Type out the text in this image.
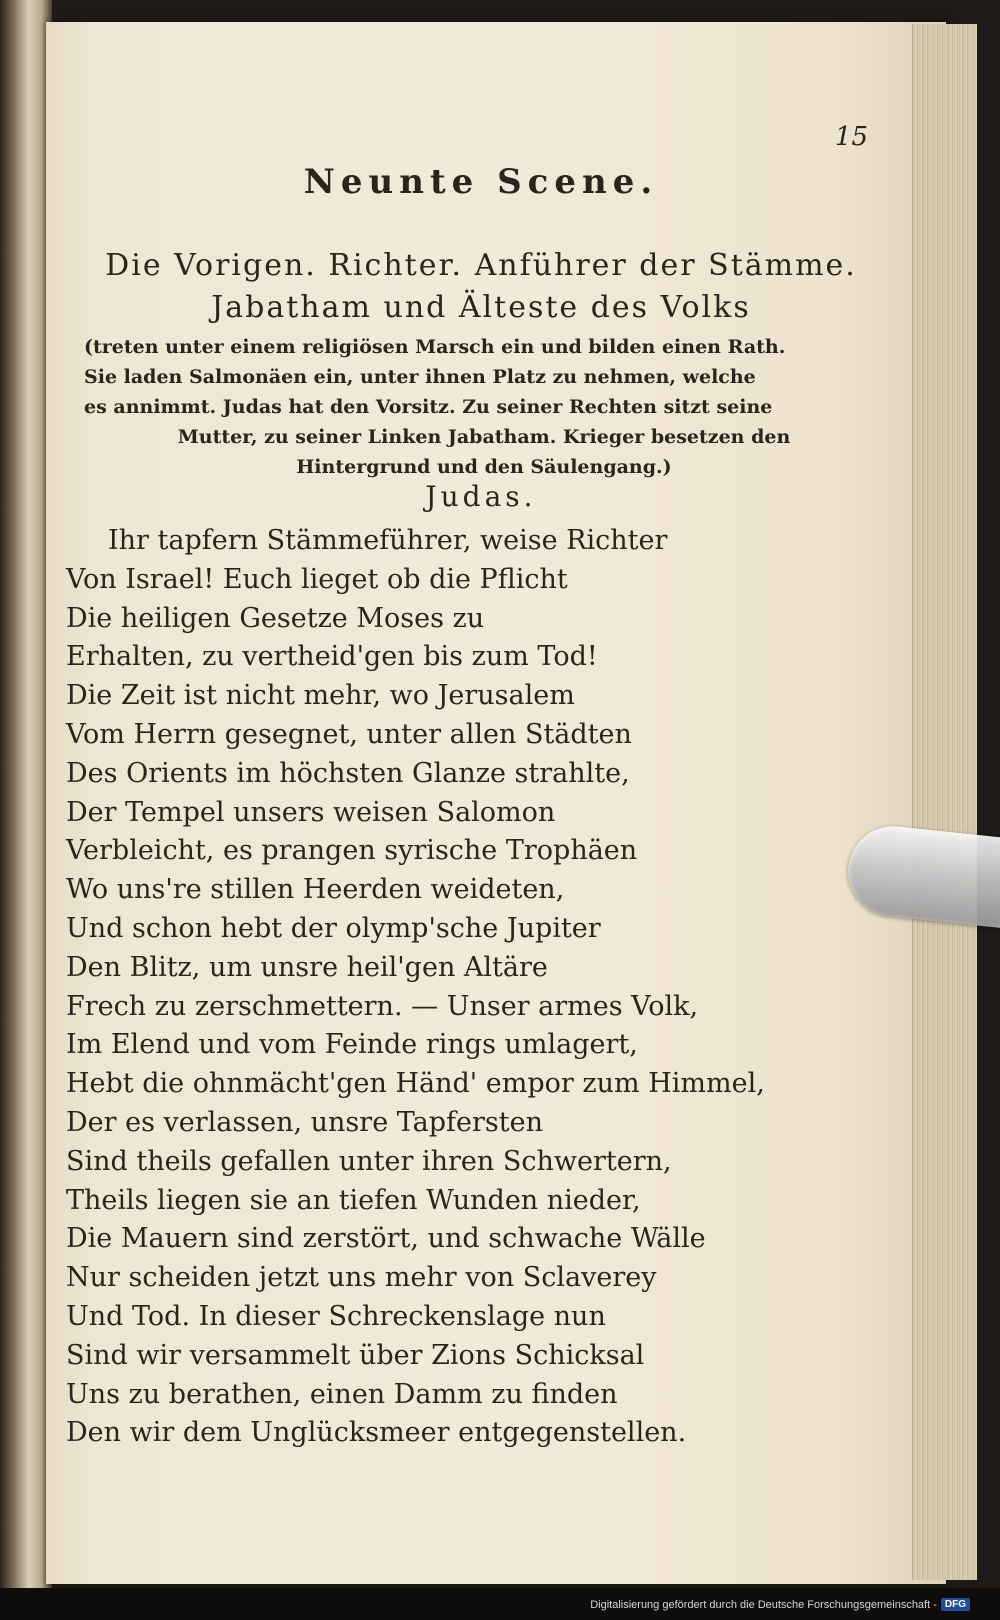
15
Neunte Scene.
Die Vorigen. Richter. Anführer der Stämme.
Jabatham und Älteste des Volks
(treten unter einem religiösen Marsch ein und bilden einen Rath.
Sie laden Salmonäen ein, unter ihnen Platz zu nehmen, welche
es annimmt. Judas hat den Vorsitz. Zu seiner Rechten sitzt seine
Mutter, zu seiner Linken Jabatham. Krieger besetzen den
Hintergrund und den Säulengang.)
Judas.
Ihr tapfern Stämmeführer, weise Richter
Von Israel! Euch lieget ob die Pflicht
Die heiligen Gesetze Moses zu
Erhalten, zu vertheid'gen bis zum Tod!
Die Zeit ist nicht mehr, wo Jerusalem
Vom Herrn gesegnet, unter allen Städten
Des Orients im höchsten Glanze strahlte,
Der Tempel unsers weisen Salomon
Verbleicht, es prangen syrische Trophäen
Wo uns're stillen Heerden weideten,
Und schon hebt der olymp'sche Jupiter
Den Blitz, um unsre heil'gen Altäre
Frech zu zerschmettern. — Unser armes Volk,
Im Elend und vom Feinde rings umlagert,
Hebt die ohnmächt'gen Händ' empor zum Himmel,
Der es verlassen, unsre Tapfersten
Sind theils gefallen unter ihren Schwertern,
Theils liegen sie an tiefen Wunden nieder,
Die Mauern sind zerstört, und schwache Wälle
Nur scheiden jetzt uns mehr von Sclaverey
Und Tod. In dieser Schreckenslage nun
Sind wir versammelt über Zions Schicksal
Uns zu berathen, einen Damm zu finden
Den wir dem Unglücksmeer entgegenstellen.
Digitalisierung gefördert durch die Deutsche Forschungsgemeinschaft - DFG
